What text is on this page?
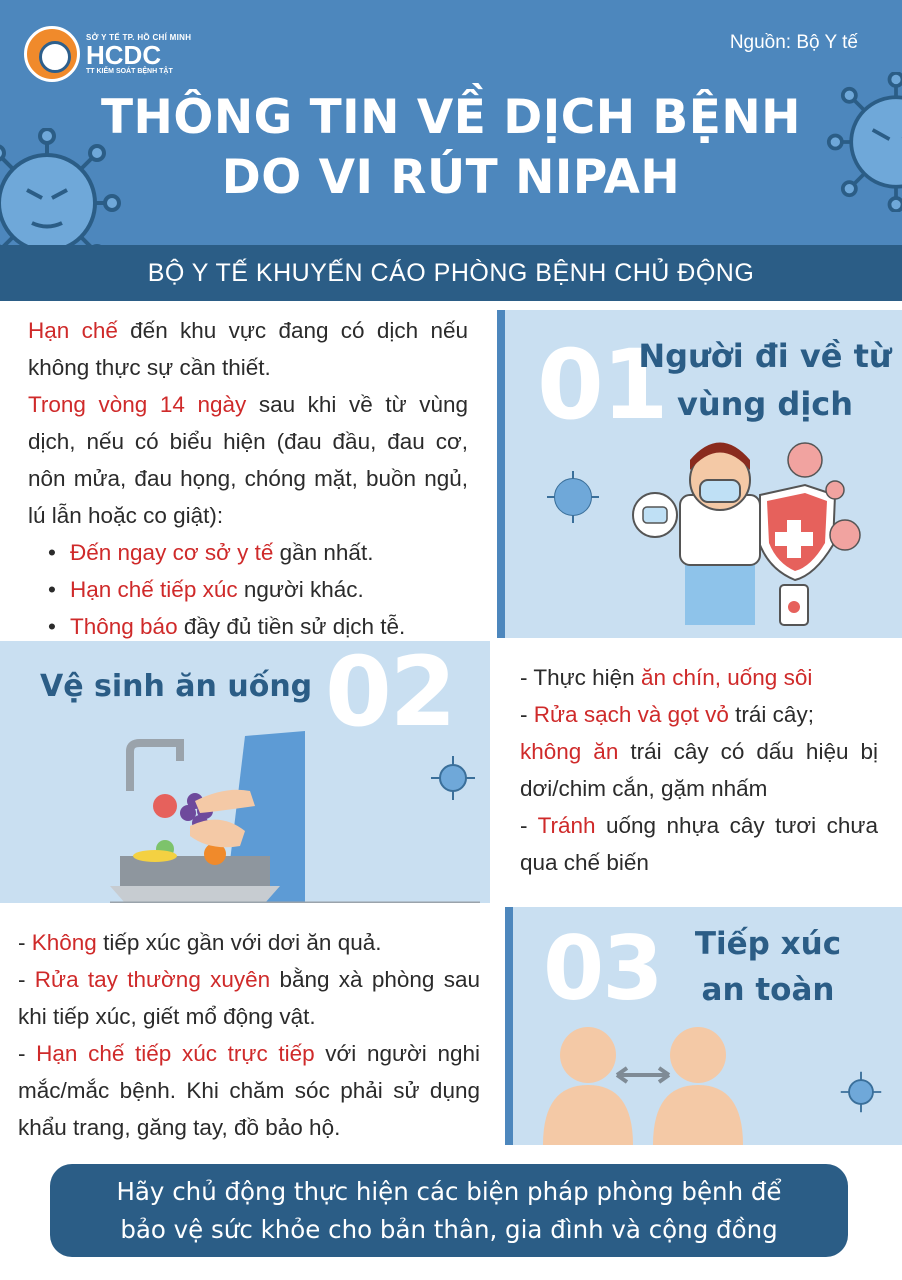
SỞ Y TẾ TP. HỒ CHÍ MINH
HCDC
TT KIỂM SOÁT BỆNH TẬT
Nguồn: Bộ Y tế
THÔNG TIN VỀ DỊCH BỆNH
DO VI RÚT NIPAH
BỘ Y TẾ KHUYẾN CÁO PHÒNG BỆNH CHỦ ĐỘNG

Hạn chế đến khu vực đang có dịch nếu không thực sự cần thiết.

Trong vòng 14 ngày sau khi về từ vùng dịch, nếu có biểu hiện (đau đầu, đau cơ, nôn mửa, đau họng, chóng mặt, buồn ngủ, lú lẫn hoặc co giật):

• Đến ngay cơ sở y tế gần nhất.
• Hạn chế tiếp xúc người khác.
• Thông báo đầy đủ tiền sử dịch tễ.
01
Người đi về từ
vùng dịch
Vệ sinh ăn uống 02	- Thực hiện ăn chín, uống sôi

- Rửa sạch và gọt vỏ trái cây;

không ăn trái cây có dấu hiệu bị dơi/chim cắn, gặm nhấm

- Tránh uống nhựa cây tươi chưa qua chế biến

- Không tiếp xúc gần với dơi ăn quả.

- Rửa tay thường xuyên bằng xà phòng sau khi tiếp xúc, giết mổ động vật.

- Hạn chế tiếp xúc trực tiếp với người nghi mắc/mắc bệnh. Khi chăm sóc phải sử dụng khẩu trang, găng tay, đồ bảo hộ.

03	Tiếp xúc
an toàn
Hãy chủ động thực hiện các biện pháp phòng bệnh để
bảo vệ sức khỏe cho bản thân, gia đình và cộng đồng
